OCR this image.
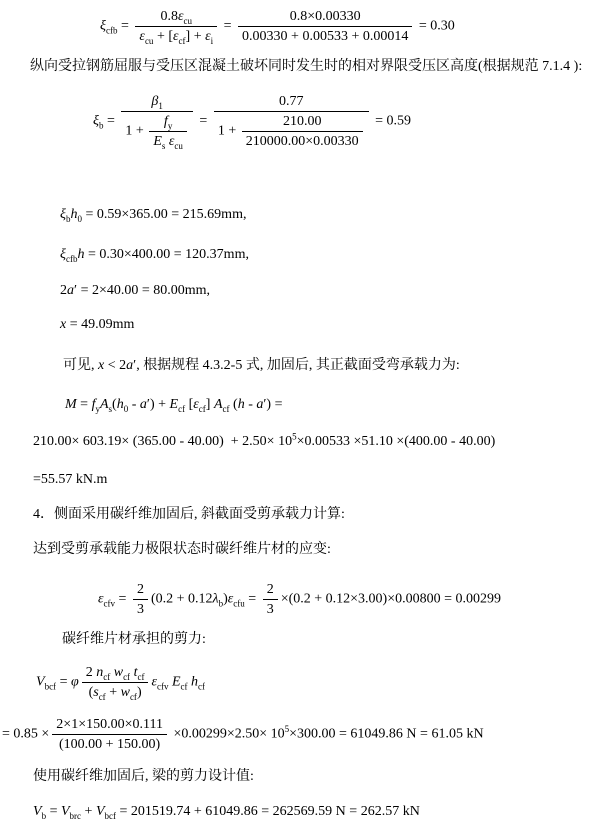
$\xi_{cfb} = \frac{0.8\varepsilon_{cu}}{\varepsilon_{cu} + [\varepsilon_{cf}] + \varepsilon_i} = \frac{0.8\times 0.00330}{0.00330 + 0.00533 + 0.00014} = 0.30$
纵向受拉钢筋屈服与受压区混凝土破坏同时发生时的相对界限受压区高度(根据规范 7.1.4 ):
$\xi_b = \frac{\beta_1}{1 + \frac{f_y}{E_s \varepsilon_{cu}}} = \frac{0.77}{1 + \frac{210.00}{210000.00\times 0.00330}} = 0.59$
$\xi_bh_0 = 0.59\times 365.00 = 215.69mm$,
$\xi_{cfb}h = 0.30\times 400.00 = 120.37mm$,
2a′ = 2×40.00 = 80.00mm,
x = 49.09mm
可见, x < 2a′, 根据规程 4.3.2-5 式, 加固后, 其正截面受弯承载力为:
$M = f_yA_s(h_0 - a') + E_{cf}$ $[\varepsilon_{cf}]$ $A_{cf}$ (h - a′) =
$210.00\times 603.19\times (365.00 - 40.00) + 2.50\times 10^5\times 0.00533 \times 51.10 \times(400.00 - 40.00)$
=55.57 kN.m
4．侧面采用碳纤维加固后, 斜截面受剪承载力计算:
达到受剪承载能力极限状态时碳纤维片材的应变:
$\varepsilon_{cfv} = \frac{2}{3} (0.2 + 0.12\lambda_b)\varepsilon_{cfu} = \frac{2}{3} \times(0.2 + 0.12\times 3.00)\times 0.00800 = 0.00299$
碳纤维片材承担的剪力:
$V_{bcf} = \varphi \frac{2 n_{cf} w_{cf} t_{cf}}{(s_{cf} + w_{cf})} \varepsilon_{cfv}$ $E_{cf}$ $h_{cf}$
= $0.85 \times \frac{2\times 1\times 150.00\times 0.111}{(100.00 + 150.00)} \times 0.00299\times 2.50\times 10^5\times 300.00 = 61049.86$ N = 61.05 kN
使用碳纤维加固后, 梁的剪力设计值:
$V_b = V_{brc} + V_{bcf} = 201519.74 + 61049.86 = 262569.59$ N = 262.57 kN
